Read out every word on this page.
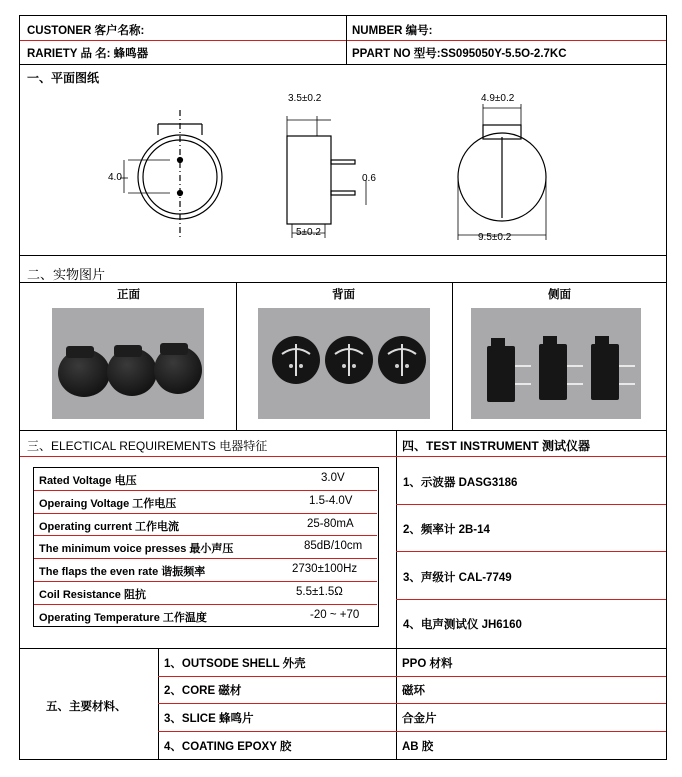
CUSTONER 客户名称:	NUMBER 编号:
RARIETY 品 名: 蜂鸣器	PPART NO 型号:SS095050Y-5.5O-2.7KC
一、平面图纸
3.5±0.2
0.6
5±0.2
4.0
4.9±0.2
9.5±0.2
二、实物图片
正面	背面	侧面
三、ELECTICAL REQUIREMENTS 电器特征	四、TEST INSTRUMENT 测试仪器
Rated Voltage 电压	3.0V
Operaing Voltage 工作电压	1.5-4.0V
Operating current 工作电流	25-80mA
The minimum voice presses 最小声压	85dB/10cm
The flaps the even rate 谐振频率	2730±100Hz
Coil Resistance 阻抗	5.5±1.5Ω
Operating Temperature 工作温度	-20 ~ +70
1、示波器 DASG3186
2、频率计 2B-14
3、声级计 CAL-7749
4、电声测试仪 JH6160
五、主要材料、
1、OUTSODE SHELL 外壳	PPO 材料
2、CORE 磁材	磁环
3、SLICE 蜂鸣片	合金片
4、COATING EPOXY 胶	AB 胶
